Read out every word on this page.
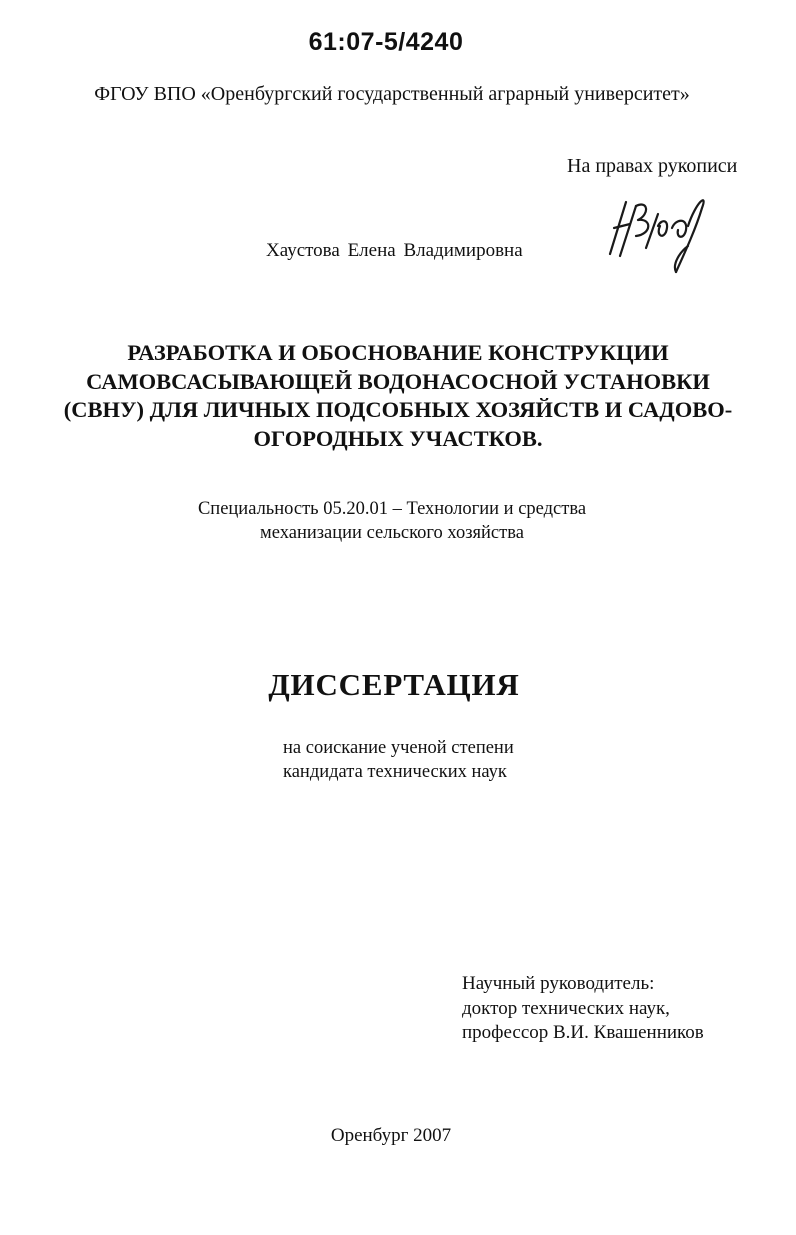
61:07-5/4240
ФГОУ ВПО «Оренбургский государственный аграрный университет»
На правах рукописи
Хаустова Елена Владимировна
РАЗРАБОТКА И ОБОСНОВАНИЕ КОНСТРУКЦИИ
САМОВСАСЫВАЮЩЕЙ ВОДОНАСОСНОЙ УСТАНОВКИ
(СВНУ) ДЛЯ ЛИЧНЫХ ПОДСОБНЫХ ХОЗЯЙСТВ И САДОВО-
ОГОРОДНЫХ УЧАСТКОВ.
Специальность 05.20.01 – Технологии и средства
механизации сельского хозяйства
ДИССЕРТАЦИЯ
на соискание ученой степени
кандидата технических наук
Научный руководитель:
доктор технических наук,
профессор В.И. Квашенников
Оренбург 2007
